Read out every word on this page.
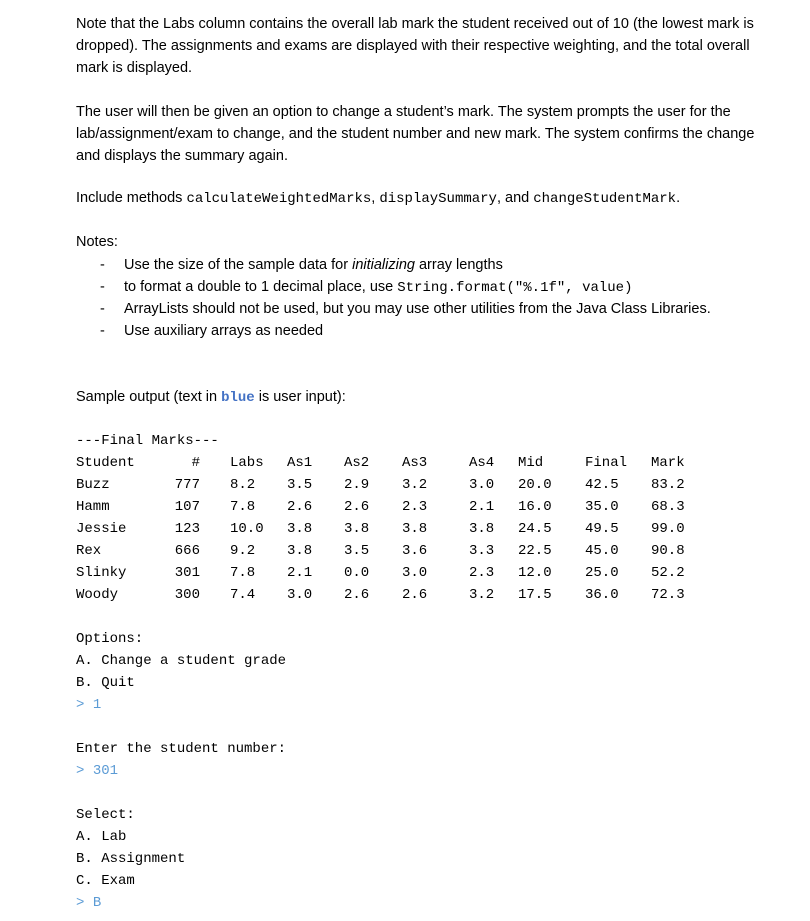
Note that the Labs column contains the overall lab mark the student received out of 10 (the lowest mark is dropped). The assignments and exams are displayed with their respective weighting, and the total overall mark is displayed.
The user will then be given an option to change a student’s mark. The system prompts the user for the lab/assignment/exam to change, and the student number and new mark. The system confirms the change and displays the summary again.
Include methods calculateWeightedMarks, displaySummary, and changeStudentMark.
Notes:
- Use the size of the sample data for initializing array lengths
- to format a double to 1 decimal place, use String.format("%.1f", value)
- ArrayLists should not be used, but you may use other utilities from the Java Class Libraries.
- Use auxiliary arrays as needed
Sample output (text in blue is user input):
---Final Marks---
Student	# Labs As1 As2 As3	As4 Mid	Final Mark
Buzz	777 8.2 3.5 2.9 3.2	3.0 20.0 42.5 83.2
Hamm	107 7.8 2.6 2.6 2.3	2.1 16.0 35.0 68.3
Jessie	123 10.0 3.8 3.8 3.8	3.8 24.5 49.5 99.0
Rex	666 9.2 3.8 3.5 3.6	3.3 22.5 45.0 90.8
Slinky	301 7.8 2.1 0.0 3.0	2.3 12.0 25.0 52.2
Woody	300 7.4 3.0 2.6 2.6	3.2 17.5 36.0 72.3
Options:
A. Change a student grade
B. Quit
> 1
Enter the student number:
> 301
Select:
A. Lab
B. Assignment
C. Exam
> B
